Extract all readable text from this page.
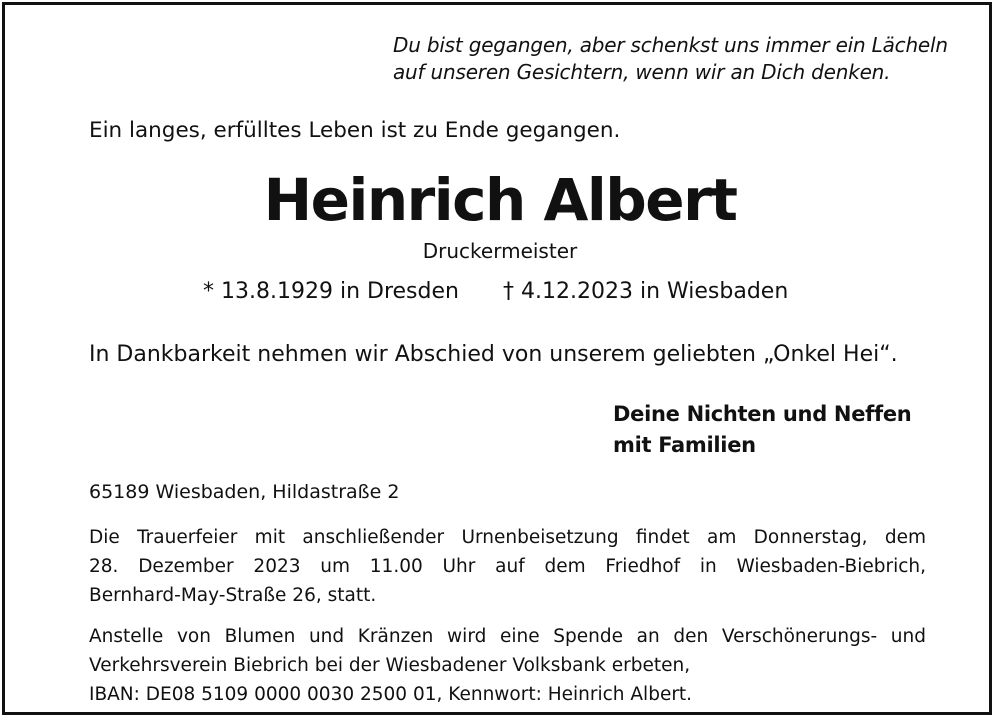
Du bist gegangen, aber schenkst uns immer ein Lächeln
auf unseren Gesichtern, wenn wir an Dich denken.
Ein langes, erfülltes Leben ist zu Ende gegangen.
Heinrich Albert
Druckermeister
* 13.8.1929 in Dresden † 4.12.2023 in Wiesbaden
In Dankbarkeit nehmen wir Abschied von unserem geliebten „Onkel Hei“.
Deine Nichten und Neffen
mit Familien
65189 Wiesbaden, Hildastraße 2
Die Trauerfeier mit anschließender Urnenbeisetzung findet am Donnerstag, dem
28. Dezember 2023 um 11.00 Uhr auf dem Friedhof in Wiesbaden-Biebrich,
Bernhard-May-Straße 26, statt.
Anstelle von Blumen und Kränzen wird eine Spende an den Verschönerungs- und
Verkehrsverein Biebrich bei der Wiesbadener Volksbank erbeten,
IBAN: DE08 5109 0000 0030 2500 01, Kennwort: Heinrich Albert.
